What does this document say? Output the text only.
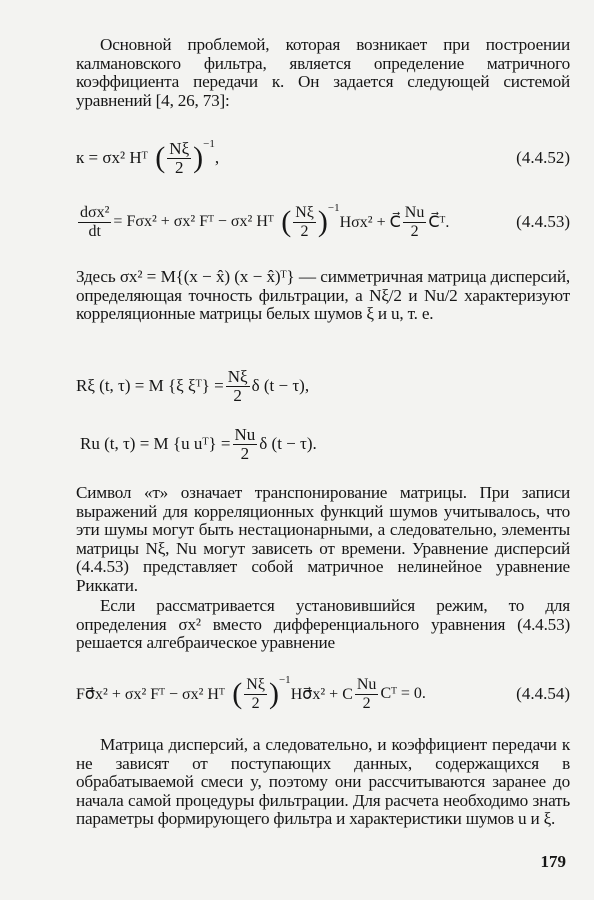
Основной проблемой, которая возникает при построении калмановского фильтра, является определение матричного коэффициента передачи к. Он задается следующей системой уравнений [4, 26, 73]:

к = σx² Hᵀ ( $\frac{N\xi}{2} )^{-1}$
,	(4.4.52)
$\frac{\text{dσx²}}{dt} = F\sigma x^2 + \sigma x^2$ Fᵀ − σx² Hᵀ ( $\frac{N\xi}{2} )^{-1}$
Hσx² + C⃗ $\frac{Nu}{2}$ C⃗ᵀ.	(4.4.53)

Здесь σx² = M{(x − x̂) (x − x̂)ᵀ} — симметричная матрица дисперсий, определяющая точность фильтрации, а Nξ/2 и Nu/2 характеризуют корреляционные матрицы белых шумов ξ и u, т. е.

Rξ (t, τ) = M {ξ ξᵀ} = $\frac{N\xi}{2}$ δ (t − τ),
Ru (t, τ) = M {u uᵀ} = $\frac{Nu}{2}$ δ (t − τ).

Символ «т» означает транспонирование матрицы. При записи выражений для корреляционных функций шумов учитывалось, что эти шумы могут быть нестационарными, а следовательно, элементы матрицы Nξ, Nu могут зависеть от времени. Уравнение дисперсий (4.4.53) представляет собой матричное нелинейное уравнение Риккати.

Если рассматривается установившийся режим, то для определения σx² вместо дифференциального уравнения (4.4.53) решается алгебраическое уравнение

Fσ⃗x² + σx² Fᵀ − σx² Hᵀ ( $\frac{N\xi}{2} )^{-1}$
Hσ⃗x² + C $\frac{Nu}{2}$ Cᵀ = 0.	(4.4.54)

Матрица дисперсий, а следовательно, и коэффициент передачи к не зависят от поступающих данных, содержащихся в обрабатываемой смеси y, поэтому они рассчитываются заранее до начала самой процедуры фильтрации. Для расчета необходимо знать параметры формирующего фильтра и характеристики шумов u и ξ.

179
